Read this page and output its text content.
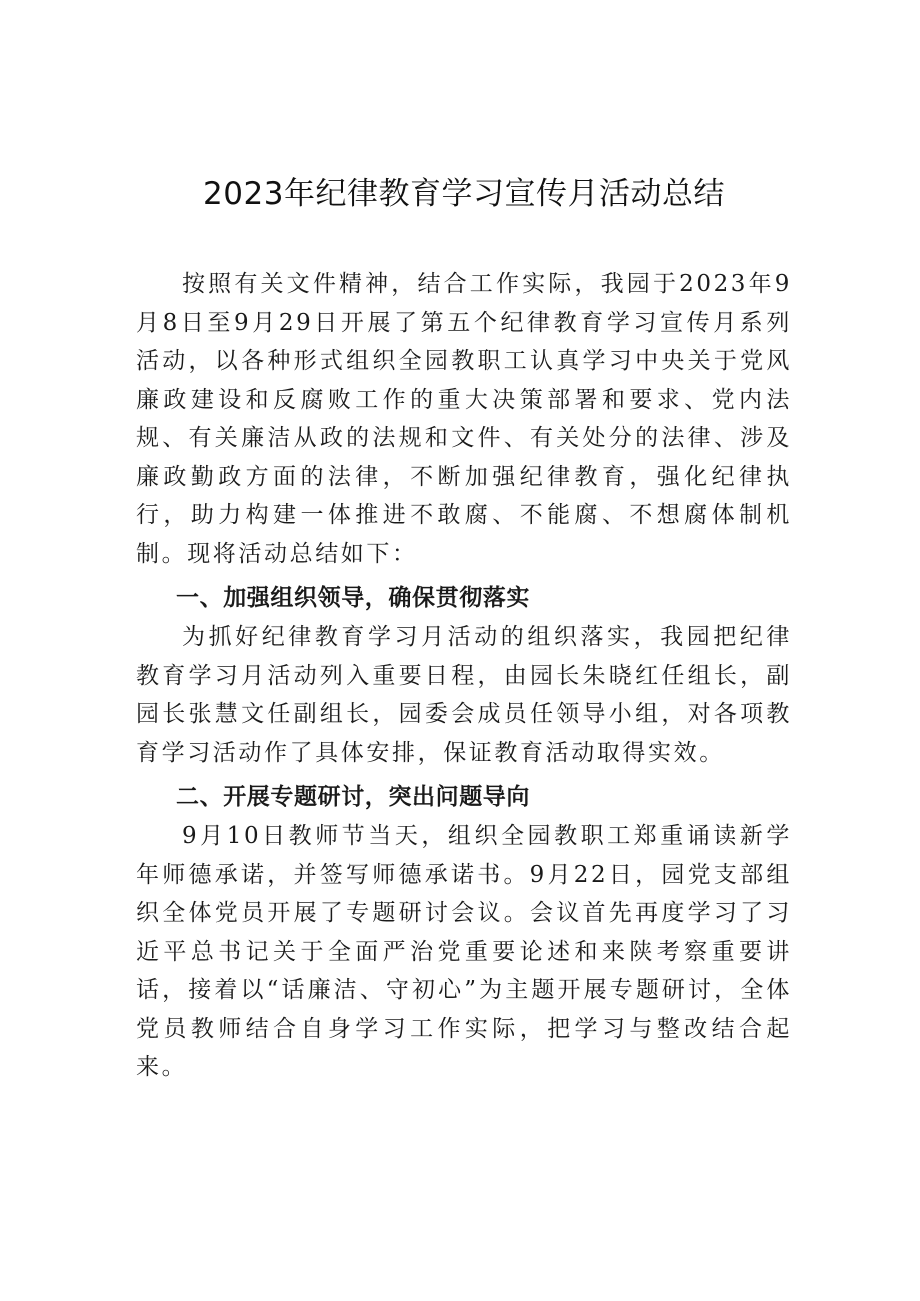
2023年纪律教育学习宣传月活动总结

按照有关文件精神，结合工作实际，我园于2023年9月8日至9月29日开展了第五个纪律教育学习宣传月系列活动，以各种形式组织全园教职工认真学习中央关于党风廉政建设和反腐败工作的重大决策部署和要求、党内法规、有关廉洁从政的法规和文件、有关处分的法律、涉及廉政勤政方面的法律，不断加强纪律教育，强化纪律执行，助力构建一体推进不敢腐、不能腐、不想腐体制机制。现将活动总结如下：

一、加强组织领导，确保贯彻落实

为抓好纪律教育学习月活动的组织落实，我园把纪律教育学习月活动列入重要日程，由园长朱晓红任组长，副园长张慧文任副组长，园委会成员任领导小组，对各项教育学习活动作了具体安排，保证教育活动取得实效。

二、开展专题研讨，突出问题导向

9月10日教师节当天，组织全园教职工郑重诵读新学年师德承诺，并签写师德承诺书。9月22日，园党支部组织全体党员开展了专题研讨会议。会议首先再度学习了习近平总书记关于全面严治党重要论述和来陕考察重要讲话，接着以“话廉洁、守初心”为主题开展专题研讨，全体党员教师结合自身学习工作实际，把学习与整改结合起来。
